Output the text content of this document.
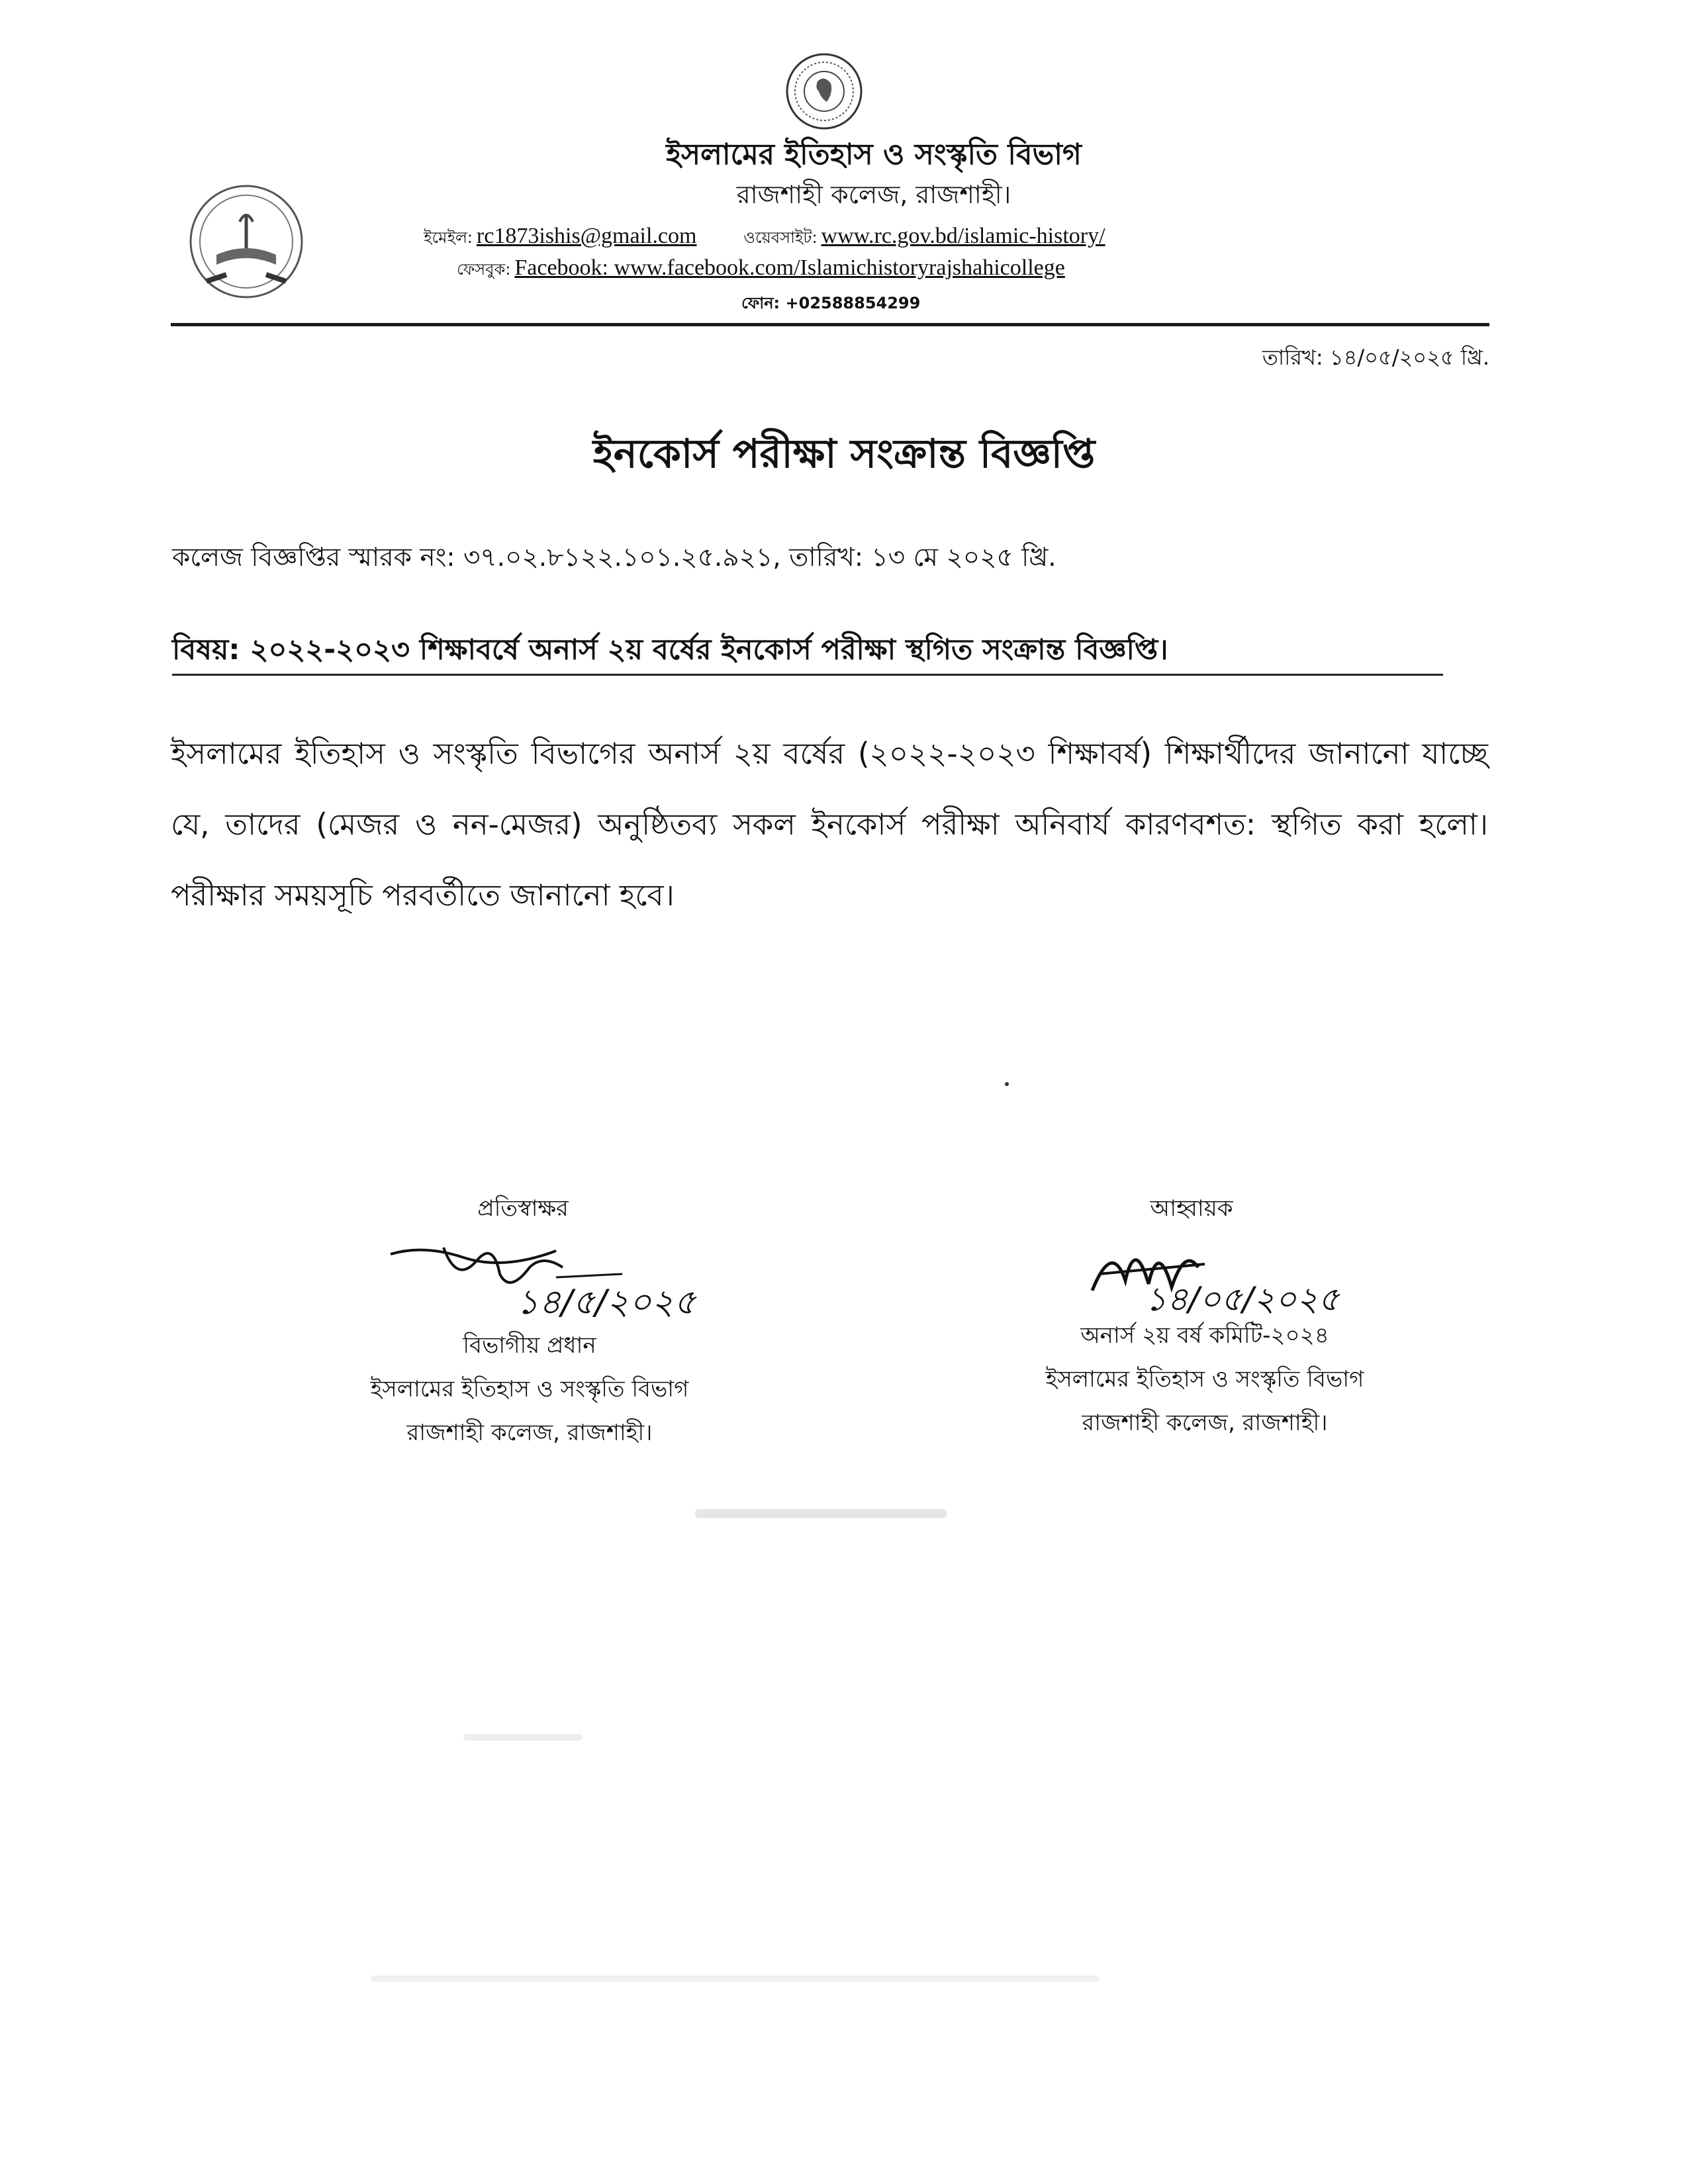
ইসলামের ইতিহাস ও সংস্কৃতি বিভাগ
রাজশাহী কলেজ, রাজশাহী।
ইমেইল: rc1873ishis@gmail.com	ওয়েবসাইট: www.rc.gov.bd/islamic-history/
ফেসবুক: Facebook: www.facebook.com/Islamichistoryrajshahicollege
ফোন: +02588854299
তারিখ: ১৪/০৫/২০২৫ খ্রি.
ইনকোর্স পরীক্ষা সংক্রান্ত বিজ্ঞপ্তি
কলেজ বিজ্ঞপ্তির স্মারক নং: ৩৭.০২.৮১২২.১০১.২৫.৯২১, তারিখ: ১৩ মে ২০২৫ খ্রি.
বিষয়: ২০২২-২০২৩ শিক্ষাবর্ষে অনার্স ২য় বর্ষের ইনকোর্স পরীক্ষা স্থগিত সংক্রান্ত বিজ্ঞপ্তি।
ইসলামের ইতিহাস ও সংস্কৃতি বিভাগের অনার্স ২য় বর্ষের (২০২২-২০২৩ শিক্ষাবর্ষ) শিক্ষার্থীদের জানানো যাচ্ছে যে, তাদের (মেজর ও নন-মেজর) অনুষ্ঠিতব্য সকল ইনকোর্স পরীক্ষা অনিবার্য কারণবশত: স্থগিত করা হলো। পরীক্ষার সময়সূচি পরবর্তীতে জানানো হবে।
প্রতিস্বাক্ষর
১৪/৫/২০২৫
বিভাগীয় প্রধান
ইসলামের ইতিহাস ও সংস্কৃতি বিভাগ
রাজশাহী কলেজ, রাজশাহী।
আহ্বায়ক
১৪/০৫/২০২৫
অনার্স ২য় বর্ষ কমিটি-২০২৪
ইসলামের ইতিহাস ও সংস্কৃতি বিভাগ
রাজশাহী কলেজ, রাজশাহী।
